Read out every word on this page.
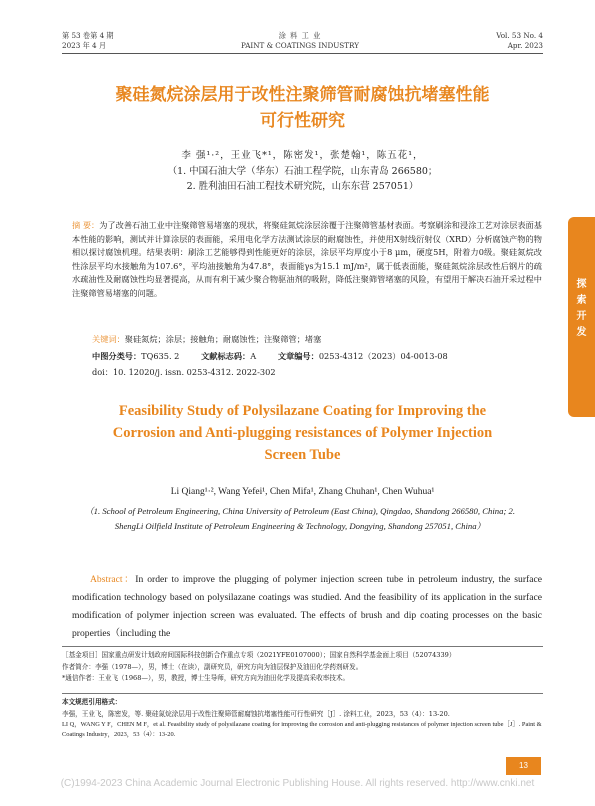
第 53 卷第 4 期
2023 年 4 月
涂 料 工 业
PAINT & COATINGS INDUSTRY
Vol. 53 No. 4
Apr. 2023
聚硅氮烷涂层用于改性注聚筛管耐腐蚀抗堵塞性能
可行性研究
李 强¹·²，王业飞*¹，陈密发¹，张楚翰¹，陈五花¹，
（1. 中国石油大学（华东）石油工程学院，山东青岛 266580；
2. 胜利油田石油工程技术研究院，山东东营 257051）
摘 要：为了改善石油工业中注聚筛管易堵塞的现状，将聚硅氮烷涂层涂覆于注聚筛管基材表面。考察刷涂和浸涂工艺对涂层表面基本性能的影响，测试并计算涂层的表面能，采用电化学方法测试涂层的耐腐蚀性，并使用X射线衍射仪（XRD）分析腐蚀产物的物相以探讨腐蚀机理。结果表明：刷涂工艺能够得到性能更好的涂层，涂层平均厚度小于8 μm，硬度5H，附着力0级。聚硅氮烷改性涂层平均水接触角为107.6°，平均油接触角为47.8°，表面能γs为15.1 mJ/m²，属于低表面能，聚硅氮烷涂层改性后钢片的疏水疏油性及耐腐蚀性均显著提高，从而有利于减少聚合物驱油剂的吸附，降低注聚筛管堵塞的风险，有望用于解决石油开采过程中注聚筛管易堵塞的问题。
关键词：聚硅氮烷；涂层；接触角；耐腐蚀性；注聚筛管；堵塞
中图分类号：TQ635. 2	文献标志码：A	文章编号：0253-4312（2023）04-0013-08
doi：10. 12020/j. issn. 0253-4312. 2022-302
Feasibility Study of Polysilazane Coating for Improving the
Corrosion and Anti-plugging resistances of Polymer Injection
Screen Tube
Li Qiang¹·², Wang Yefei¹, Chen Mifa¹, Zhang Chuhan¹, Chen Wuhua¹
（1. School of Petroleum Engineering, China University of Petroleum (East China), Qingdao, Shandong 266580, China; 2. ShengLi Oilfield Institute of Petroleum Engineering & Technology, Dongying, Shandong 257051, China）
Abstract：In order to improve the plugging of polymer injection screen tube in petroleum industry, the surface modification technology based on polysilazane coatings was studied. And the feasibility of its application in the surface modification of polymer injection screen was evaluated. The effects of brush and dip coating processes on the basic properties（including the
［基金项目］国家重点研发计划政府间国际科技创新合作重点专项（2021YFE0107000）；国家自然科学基金面上项目（52074339）
作者简介：李强（1978—），男，博士（在读），副研究员，研究方向为油层保护及油田化学药剂研发。
*通信作者：王业飞（1968—），男，教授，博士生导师，研究方向为油田化学及提高采收率技术。
本文规范引用格式：
李强，王业飞，陈密发，等. 聚硅氮烷涂层用于改性注聚筛管耐腐蚀抗堵塞性能可行性研究［J］. 涂料工业，2023，53（4）：13-20.
LI Q，WANG Y F，CHEN M F，et al. Feasibility study of polysilazane coating for improving the corrosion and anti-plugging resistances of polymer injection screen tube［J］. Paint & Coatings Industry，2023，53（4）：13-20.
探
索
开
发
13
(C)1994-2023 China Academic Journal Electronic Publishing House. All rights reserved. http://www.cnki.net
